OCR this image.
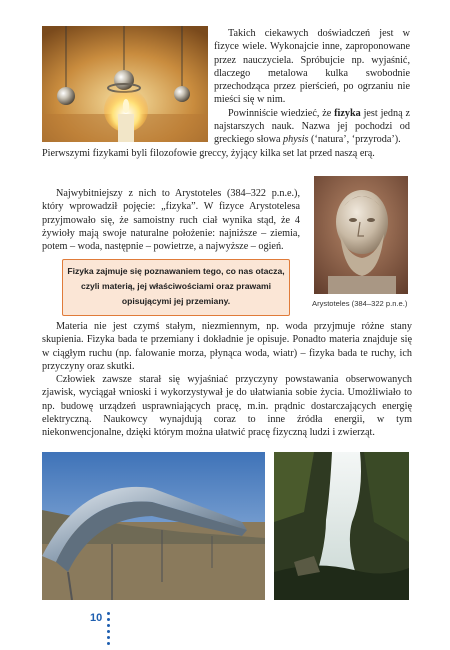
Takich ciekawych doświadczeń jest w fizyce wiele. Wykonajcie inne, zaproponowane przez nauczyciela. Spróbujcie np. wyjaśnić, dlaczego metalowa kulka swobodnie przechodząca przez pierścień, po ogrzaniu nie mieści się w nim.

Powinniście wiedzieć, że fizyka jest jedną z najstarszych nauk. Nazwa jej pochodzi od greckiego słowa physis (‘natura’, ‘przyroda’).

Pierwszymi fizykami byli filozofowie greccy, żyjący kilka set lat przed naszą erą.
Najwybitniejszy z nich to Arystoteles (384–322 p.n.e.), który wprowadził pojęcie: „fizyka”. W fizyce Arystotelesa przyjmowało się, że samoistny ruch ciał wynika stąd, że 4 żywioły mają swoje naturalne położenie: najniższe – ziemia, potem – woda, następnie – powietrze, a najwyższe – ogień.
Arystoteles (384–322 p.n.e.)
Fizyka zajmuje się poznawaniem tego, co nas otacza,
czyli materią, jej właściwościami oraz prawami
opisującymi jej przemiany.

Materia nie jest czymś stałym, niezmiennym, np. woda przyjmuje różne stany skupienia. Fizyka bada te przemiany i dokładnie je opisuje. Ponadto materia znajduje się w ciągłym ruchu (np. falowanie morza, płynąca woda, wiatr) – fizyka bada te ruchy, ich przyczyny oraz skutki.

Człowiek zawsze starał się wyjaśniać przyczyny powstawania obserwowanych zjawisk, wyciągał wnioski i wykorzystywał je do ułatwiania sobie życia. Umożliwiało to np. budowę urządzeń usprawniających pracę, m.in. prądnic dostarczających energię elektryczną. Naukowcy wynajdują coraz to inne źródła energii, w tym niekonwencjonalne, dzięki którym można ułatwić pracę fizyczną ludzi i zwierząt.

10
